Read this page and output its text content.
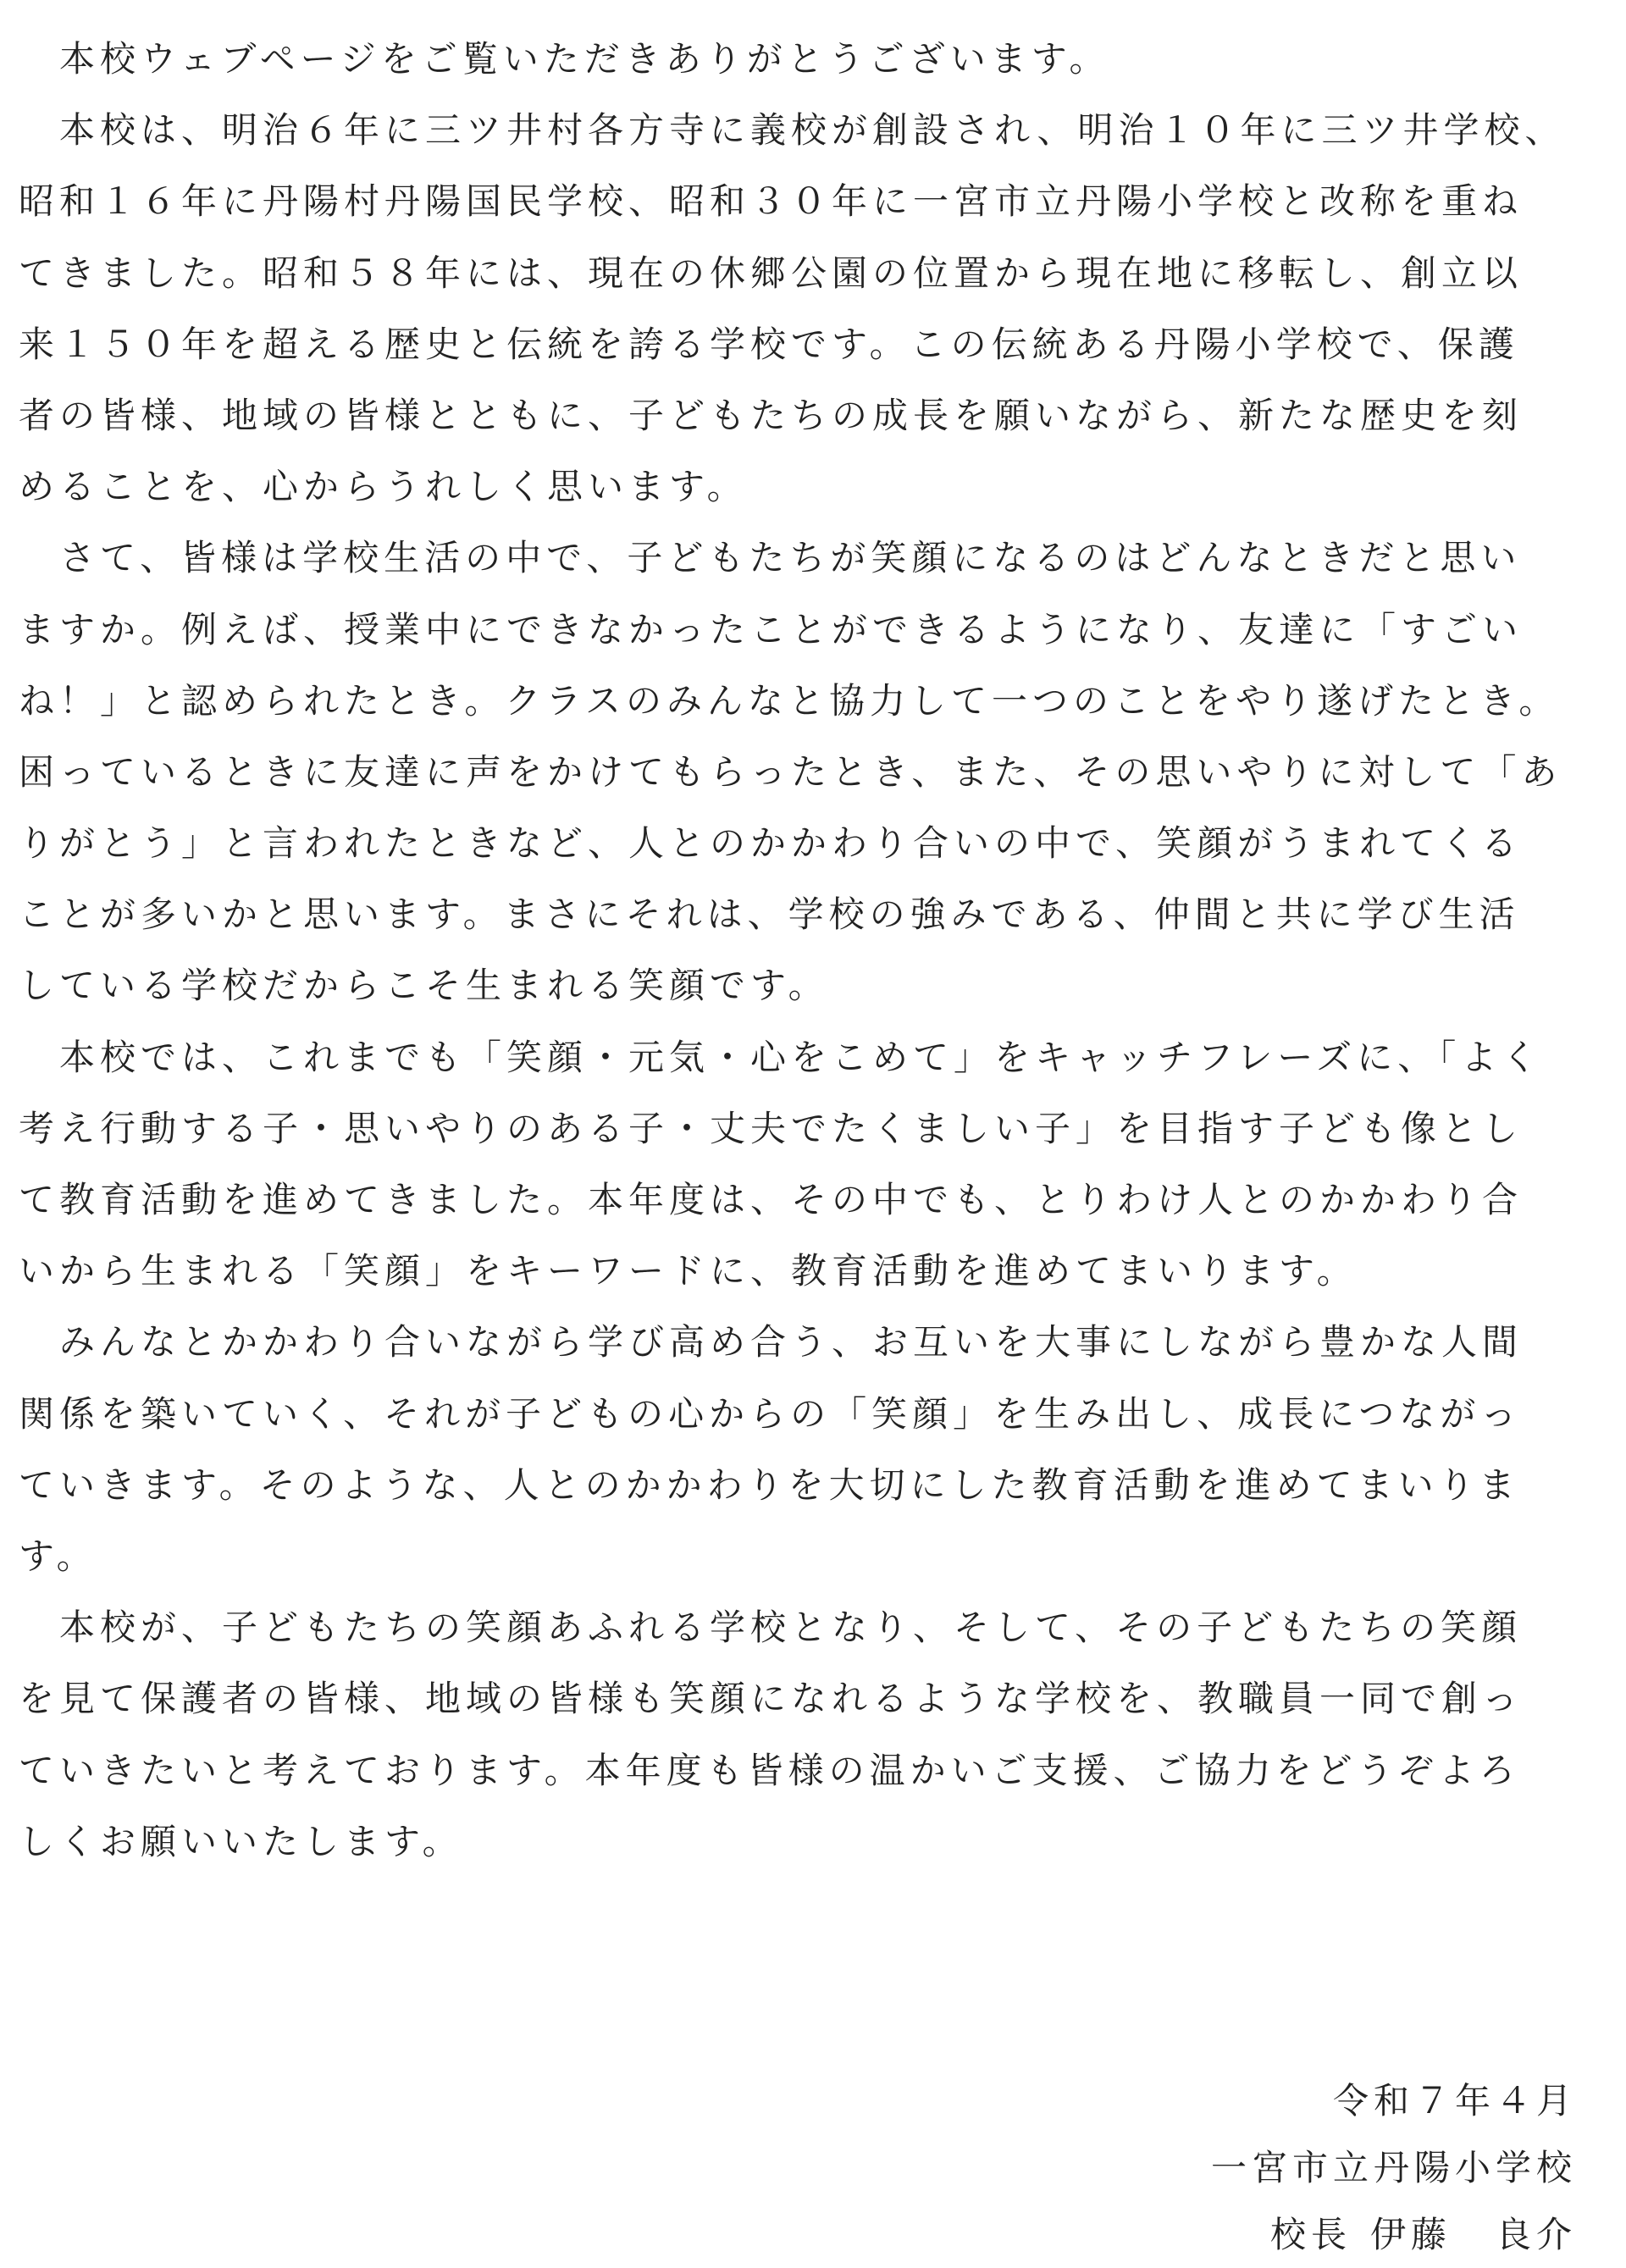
　本校ウェブページをご覧いただきありがとうございます。
　本校は、明治６年に三ツ井村各方寺に義校が創設され、明治１０年に三ツ井学校、
昭和１６年に丹陽村丹陽国民学校、昭和３０年に一宮市立丹陽小学校と改称を重ね
てきました。昭和５８年には、現在の休郷公園の位置から現在地に移転し、創立以
来１５０年を超える歴史と伝統を誇る学校です。この伝統ある丹陽小学校で、保護
者の皆様、地域の皆様とともに、子どもたちの成長を願いながら、新たな歴史を刻
めることを、心からうれしく思います。
　さて、皆様は学校生活の中で、子どもたちが笑顔になるのはどんなときだと思い
ますか。例えば、授業中にできなかったことができるようになり、友達に「すごい
ね！」と認められたとき。クラスのみんなと協力して一つのことをやり遂げたとき。
困っているときに友達に声をかけてもらったとき、また、その思いやりに対して「あ
りがとう」と言われたときなど、人とのかかわり合いの中で、笑顔がうまれてくる
ことが多いかと思います。まさにそれは、学校の強みである、仲間と共に学び生活
している学校だからこそ生まれる笑顔です。
　本校では、これまでも「笑顔・元気・心をこめて」をキャッチフレーズに、「よく
考え行動する子・思いやりのある子・丈夫でたくましい子」を目指す子ども像とし
て教育活動を進めてきました。本年度は、その中でも、とりわけ人とのかかわり合
いから生まれる「笑顔」をキーワードに、教育活動を進めてまいります。
　みんなとかかわり合いながら学び高め合う、お互いを大事にしながら豊かな人間
関係を築いていく、それが子どもの心からの「笑顔」を生み出し、成長につながっ
ていきます。そのような、人とのかかわりを大切にした教育活動を進めてまいりま
す。
　本校が、子どもたちの笑顔あふれる学校となり、そして、その子どもたちの笑顔
を見て保護者の皆様、地域の皆様も笑顔になれるような学校を、教職員一同で創っ
ていきたいと考えております。本年度も皆様の温かいご支援、ご協力をどうぞよろ
しくお願いいたします。
令和７年４月
一宮市立丹陽小学校
校長 伊藤 良介
